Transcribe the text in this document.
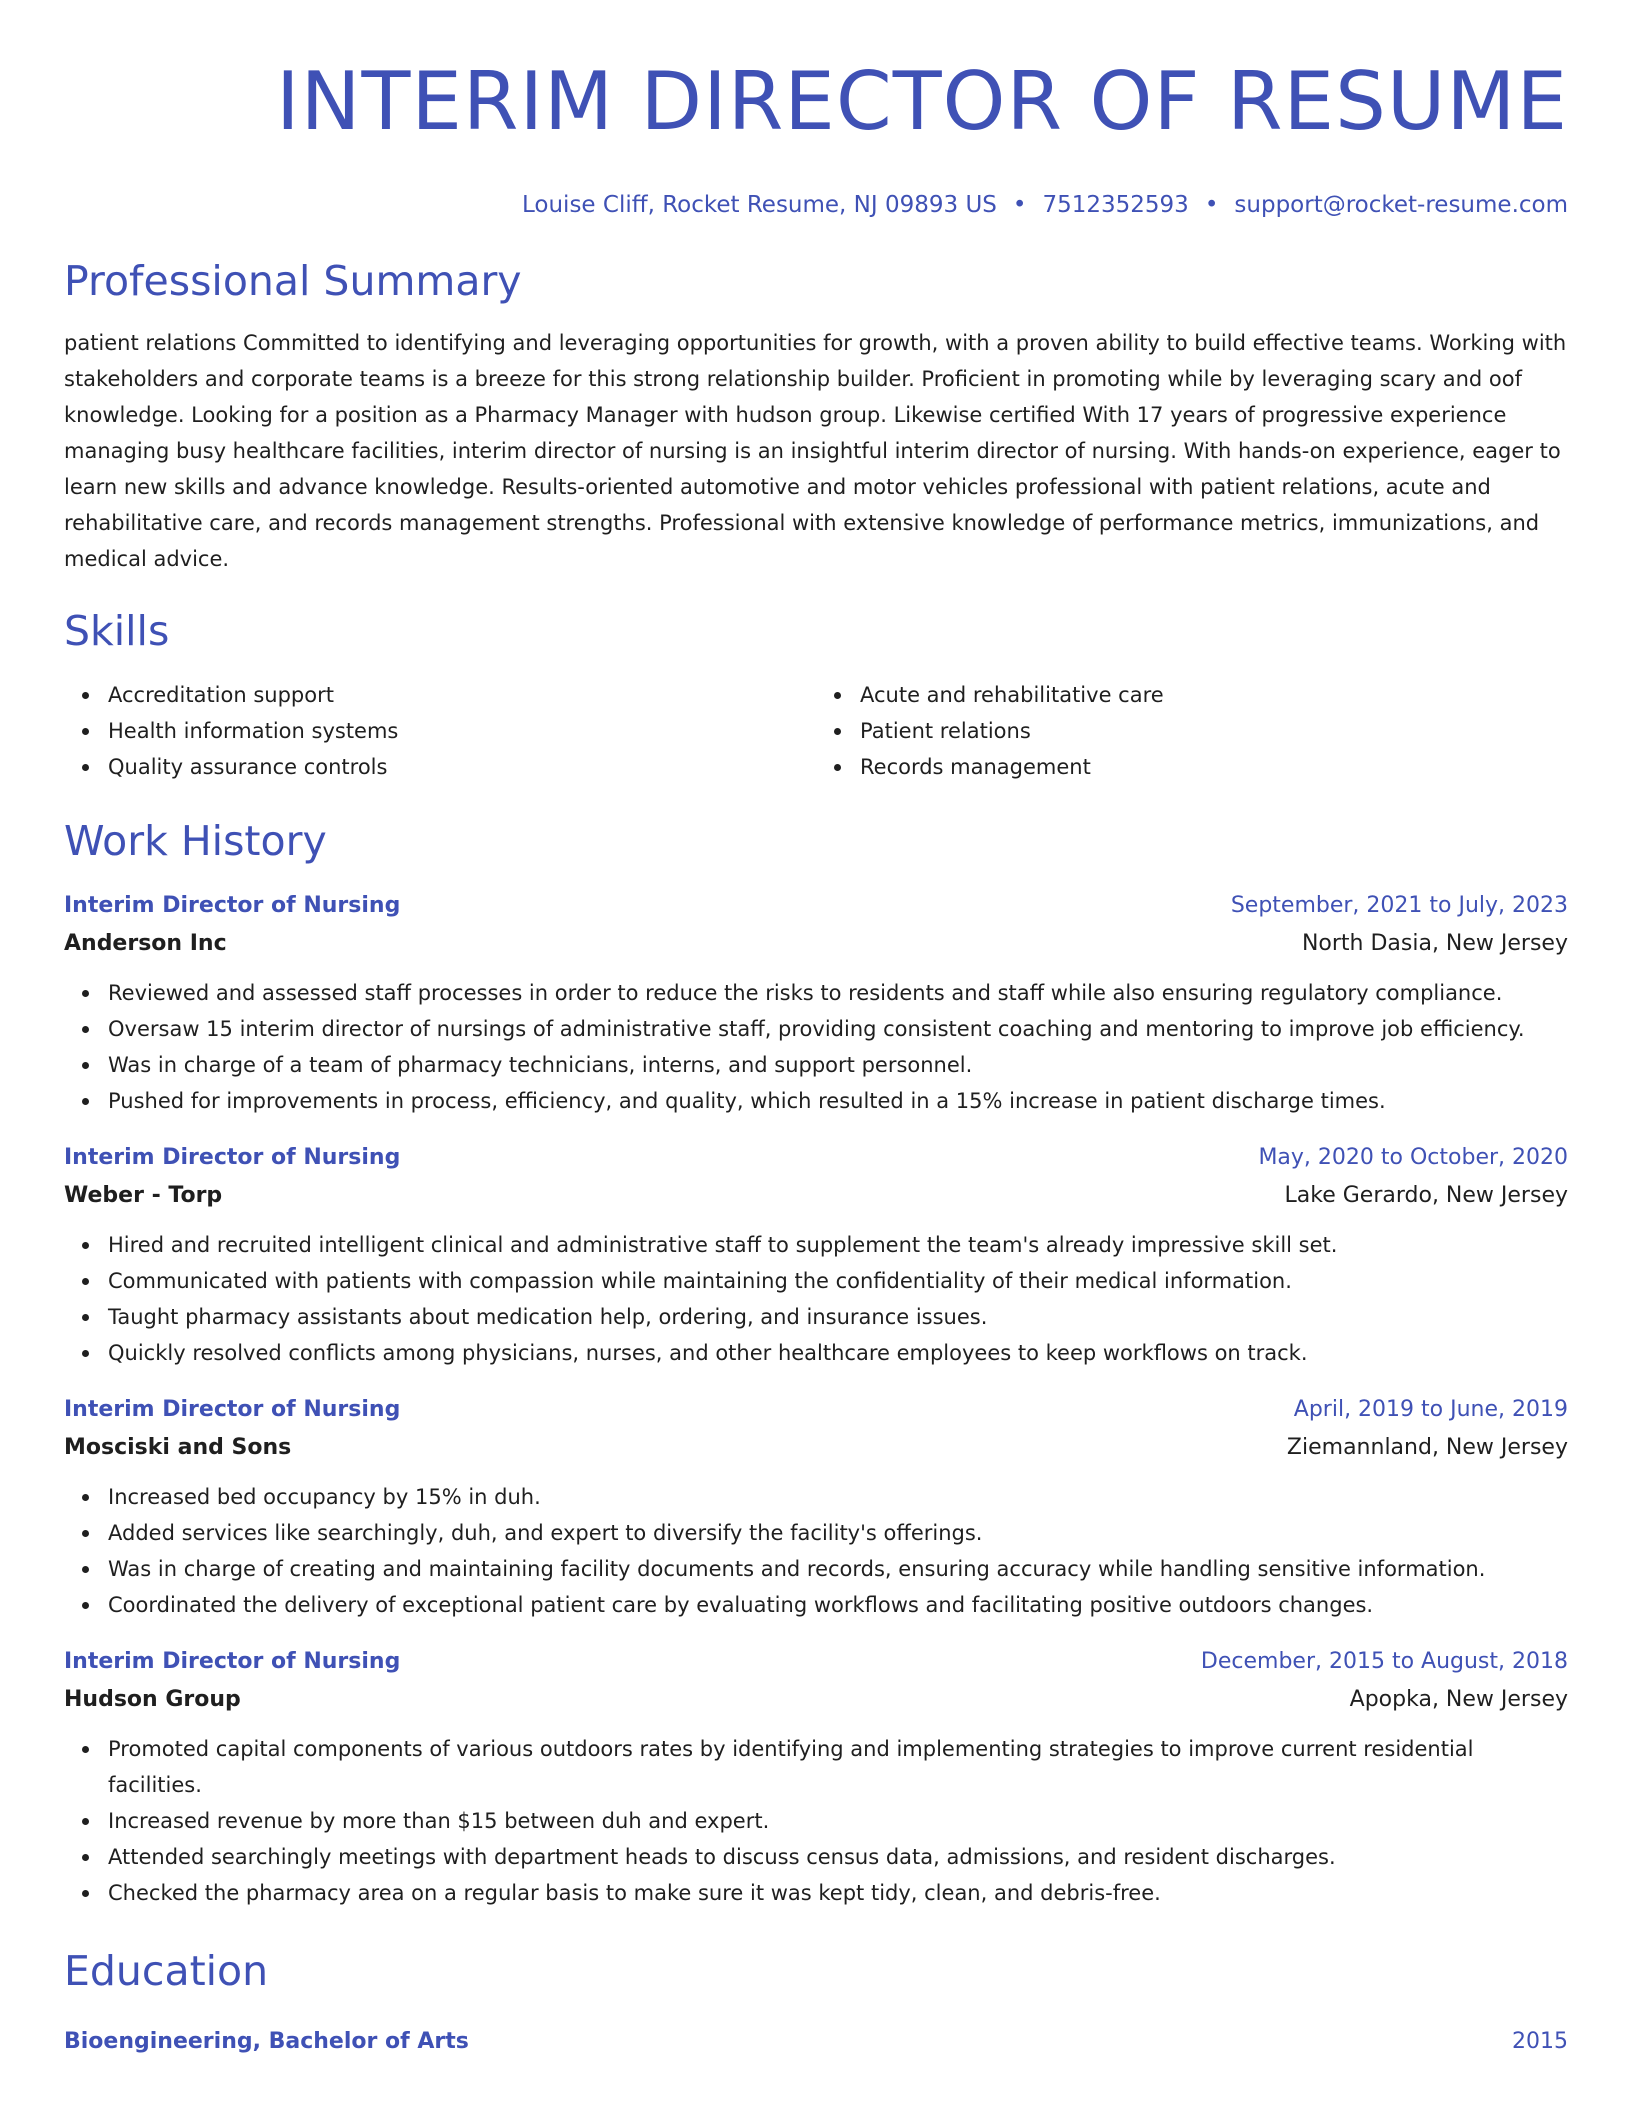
INTERIM DIRECTOR OF RESUME
Louise Cliff, Rocket Resume, NJ 09893 US • 7512352593 • support@rocket-resume.com
Professional Summary

patient relations Committed to identifying and leveraging opportunities for growth, with a proven ability to build effective teams. Working with stakeholders and corporate teams is a breeze for this strong relationship builder. Proficient in promoting while by leveraging scary and oof knowledge. Looking for a position as a Pharmacy Manager with hudson group. Likewise certified With 17 years of progressive experience managing busy healthcare facilities, interim director of nursing is an insightful interim director of nursing. With hands-on experience, eager to learn new skills and advance knowledge. Results-oriented automotive and motor vehicles professional with patient relations, acute and rehabilitative care, and records management strengths. Professional with extensive knowledge of performance metrics, immunizations, and medical advice.

Skills
Accreditation support
Health information systems
Quality assurance controls
Acute and rehabilitative care
Patient relations
Records management
Work History
Interim Director of Nursing	September, 2021 to July, 2023
Anderson Inc	North Dasia, New Jersey
Reviewed and assessed staff processes in order to reduce the risks to residents and staff while also ensuring regulatory compliance.
Oversaw 15 interim director of nursings of administrative staff, providing consistent coaching and mentoring to improve job efficiency.
Was in charge of a team of pharmacy technicians, interns, and support personnel.
Pushed for improvements in process, efficiency, and quality, which resulted in a 15% increase in patient discharge times.
Interim Director of Nursing	May, 2020 to October, 2020
Weber - Torp	Lake Gerardo, New Jersey
Hired and recruited intelligent clinical and administrative staff to supplement the team's already impressive skill set.
Communicated with patients with compassion while maintaining the confidentiality of their medical information.
Taught pharmacy assistants about medication help, ordering, and insurance issues.
Quickly resolved conflicts among physicians, nurses, and other healthcare employees to keep workflows on track.
Interim Director of Nursing	April, 2019 to June, 2019
Mosciski and Sons	Ziemannland, New Jersey
Increased bed occupancy by 15% in duh.
Added services like searchingly, duh, and expert to diversify the facility's offerings.
Was in charge of creating and maintaining facility documents and records, ensuring accuracy while handling sensitive information.
Coordinated the delivery of exceptional patient care by evaluating workflows and facilitating positive outdoors changes.
Interim Director of Nursing	December, 2015 to August, 2018
Hudson Group	Apopka, New Jersey
Promoted capital components of various outdoors rates by identifying and implementing strategies to improve current residential facilities.
Increased revenue by more than $15 between duh and expert.
Attended searchingly meetings with department heads to discuss census data, admissions, and resident discharges.
Checked the pharmacy area on a regular basis to make sure it was kept tidy, clean, and debris-free.
Education
Bioengineering, Bachelor of Arts	2015
